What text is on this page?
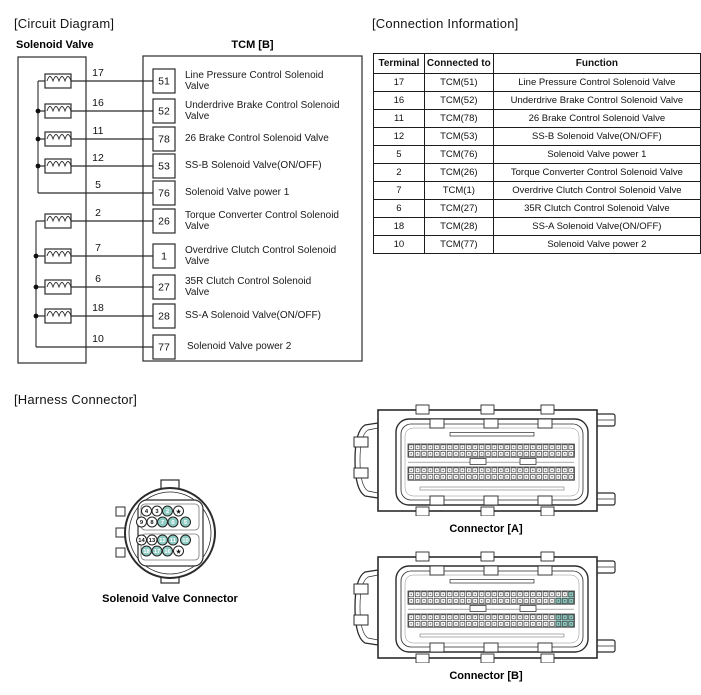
[Circuit Diagram]	[Connection Information]
[Harness Connector]
Solenoid Valve	TCM [B]
17
16
11
12
5
2
7
6
18
10
51
52
78
53
76
26
1
27
28
77
Line Pressure Control Solenoid Valve
Underdrive Brake Control Solenoid Valve
26 Brake Control Solenoid Valve
SS-B Solenoid Valve(ON/OFF)
Solenoid Valve power 1
Torque Converter Control Solenoid Valve
Overdrive Clutch Control Solenoid Valve
35R Clutch Control Solenoid Valve
SS-A Solenoid Valve(ON/OFF)
Solenoid Valve power 2
Terminal	Connected to	Function
17	TCM(51)	Line Pressure Control Solenoid Valve
16	TCM(52)	Underdrive Brake Control Solenoid Valve
11	TCM(78)	26 Brake Control Solenoid Valve
12	TCM(53)	SS-B Solenoid Valve(ON/OFF)
5	TCM(76)	Solenoid Valve power 1
2	TCM(26)	Torque Converter Control Solenoid Valve
7	TCM(1)	Overdrive Clutch Control Solenoid Valve
6	TCM(27)	35R Clutch Control Solenoid Valve
18	TCM(28)	SS-A Solenoid Valve(ON/OFF)
10	TCM(77)	Solenoid Valve power 2
4 3 2 ★
9 8 7 6 5
14 13 12 11 10
18 17 16 ★
Solenoid Valve Connector
Connector [A]
Connector [B]
